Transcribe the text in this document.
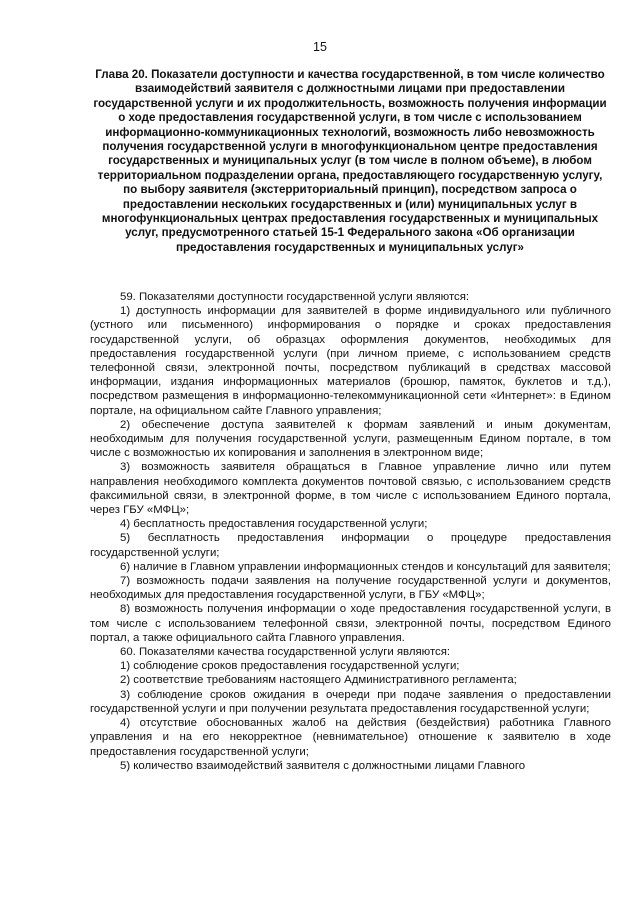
15
Глава 20. Показатели доступности и качества государственной, в том числе количество взаимодействий заявителя с должностными лицами при предоставлении государственной услуги и их продолжительность, возможность получения информации о ходе предоставления государственной услуги, в том числе с использованием информационно-коммуникационных технологий, возможность либо невозможность получения государственной услуги в многофункциональном центре предоставления государственных и муниципальных услуг (в том числе в полном объеме), в любом территориальном подразделении органа, предоставляющего государственную услугу, по выбору заявителя (экстерриториальный принцип), посредством запроса о предоставлении нескольких государственных и (или) муниципальных услуг в многофункциональных центрах предоставления государственных и муниципальных услуг, предусмотренного статьей 15-1 Федерального закона «Об организации предоставления государственных и муниципальных услуг»

59. Показателями доступности государственной услуги являются:

1) доступность информации для заявителей в форме индивидуального или публичного (устного или письменного) информирования о порядке и сроках предоставления государственной услуги, об образцах оформления документов, необходимых для предоставления государственной услуги (при личном приеме, с использованием средств телефонной связи, электронной почты, посредством публикаций в средствах массовой информации, издания информационных материалов (брошюр, памяток, буклетов и т.д.), посредством размещения в информационно-телекоммуникационной сети «Интернет»: в Едином портале, на официальном сайте Главного управления;

2) обеспечение доступа заявителей к формам заявлений и иным документам, необходимым для получения государственной услуги, размещенным Едином портале, в том числе с возможностью их копирования и заполнения в электронном виде;

3) возможность заявителя обращаться в Главное управление лично или путем направления необходимого комплекта документов почтовой связью, с использованием средств факсимильной связи, в электронной форме, в том числе с использованием Единого портала, через ГБУ «МФЦ»;

4) бесплатность предоставления государственной услуги;

5) бесплатность предоставления информации о процедуре предоставления государственной услуги;

6) наличие в Главном управлении информационных стендов и консультаций для заявителя;

7) возможность подачи заявления на получение государственной услуги и документов, необходимых для предоставления государственной услуги, в ГБУ «МФЦ»;

8) возможность получения информации о ходе предоставления государственной услуги, в том числе с использованием телефонной связи, электронной почты, посредством Единого портал, а также официального сайта Главного управления.

60. Показателями качества государственной услуги являются:

1) соблюдение сроков предоставления государственной услуги;

2) соответствие требованиям настоящего Административного регламента;

3) соблюдение сроков ожидания в очереди при подаче заявления о предоставлении государственной услуги и при получении результата предоставления государственной услуги;

4) отсутствие обоснованных жалоб на действия (бездействия) работника Главного управления и на его некорректное (невнимательное) отношение к заявителю в ходе предоставления государственной услуги;

5) количество взаимодействий заявителя с должностными лицами Главного
